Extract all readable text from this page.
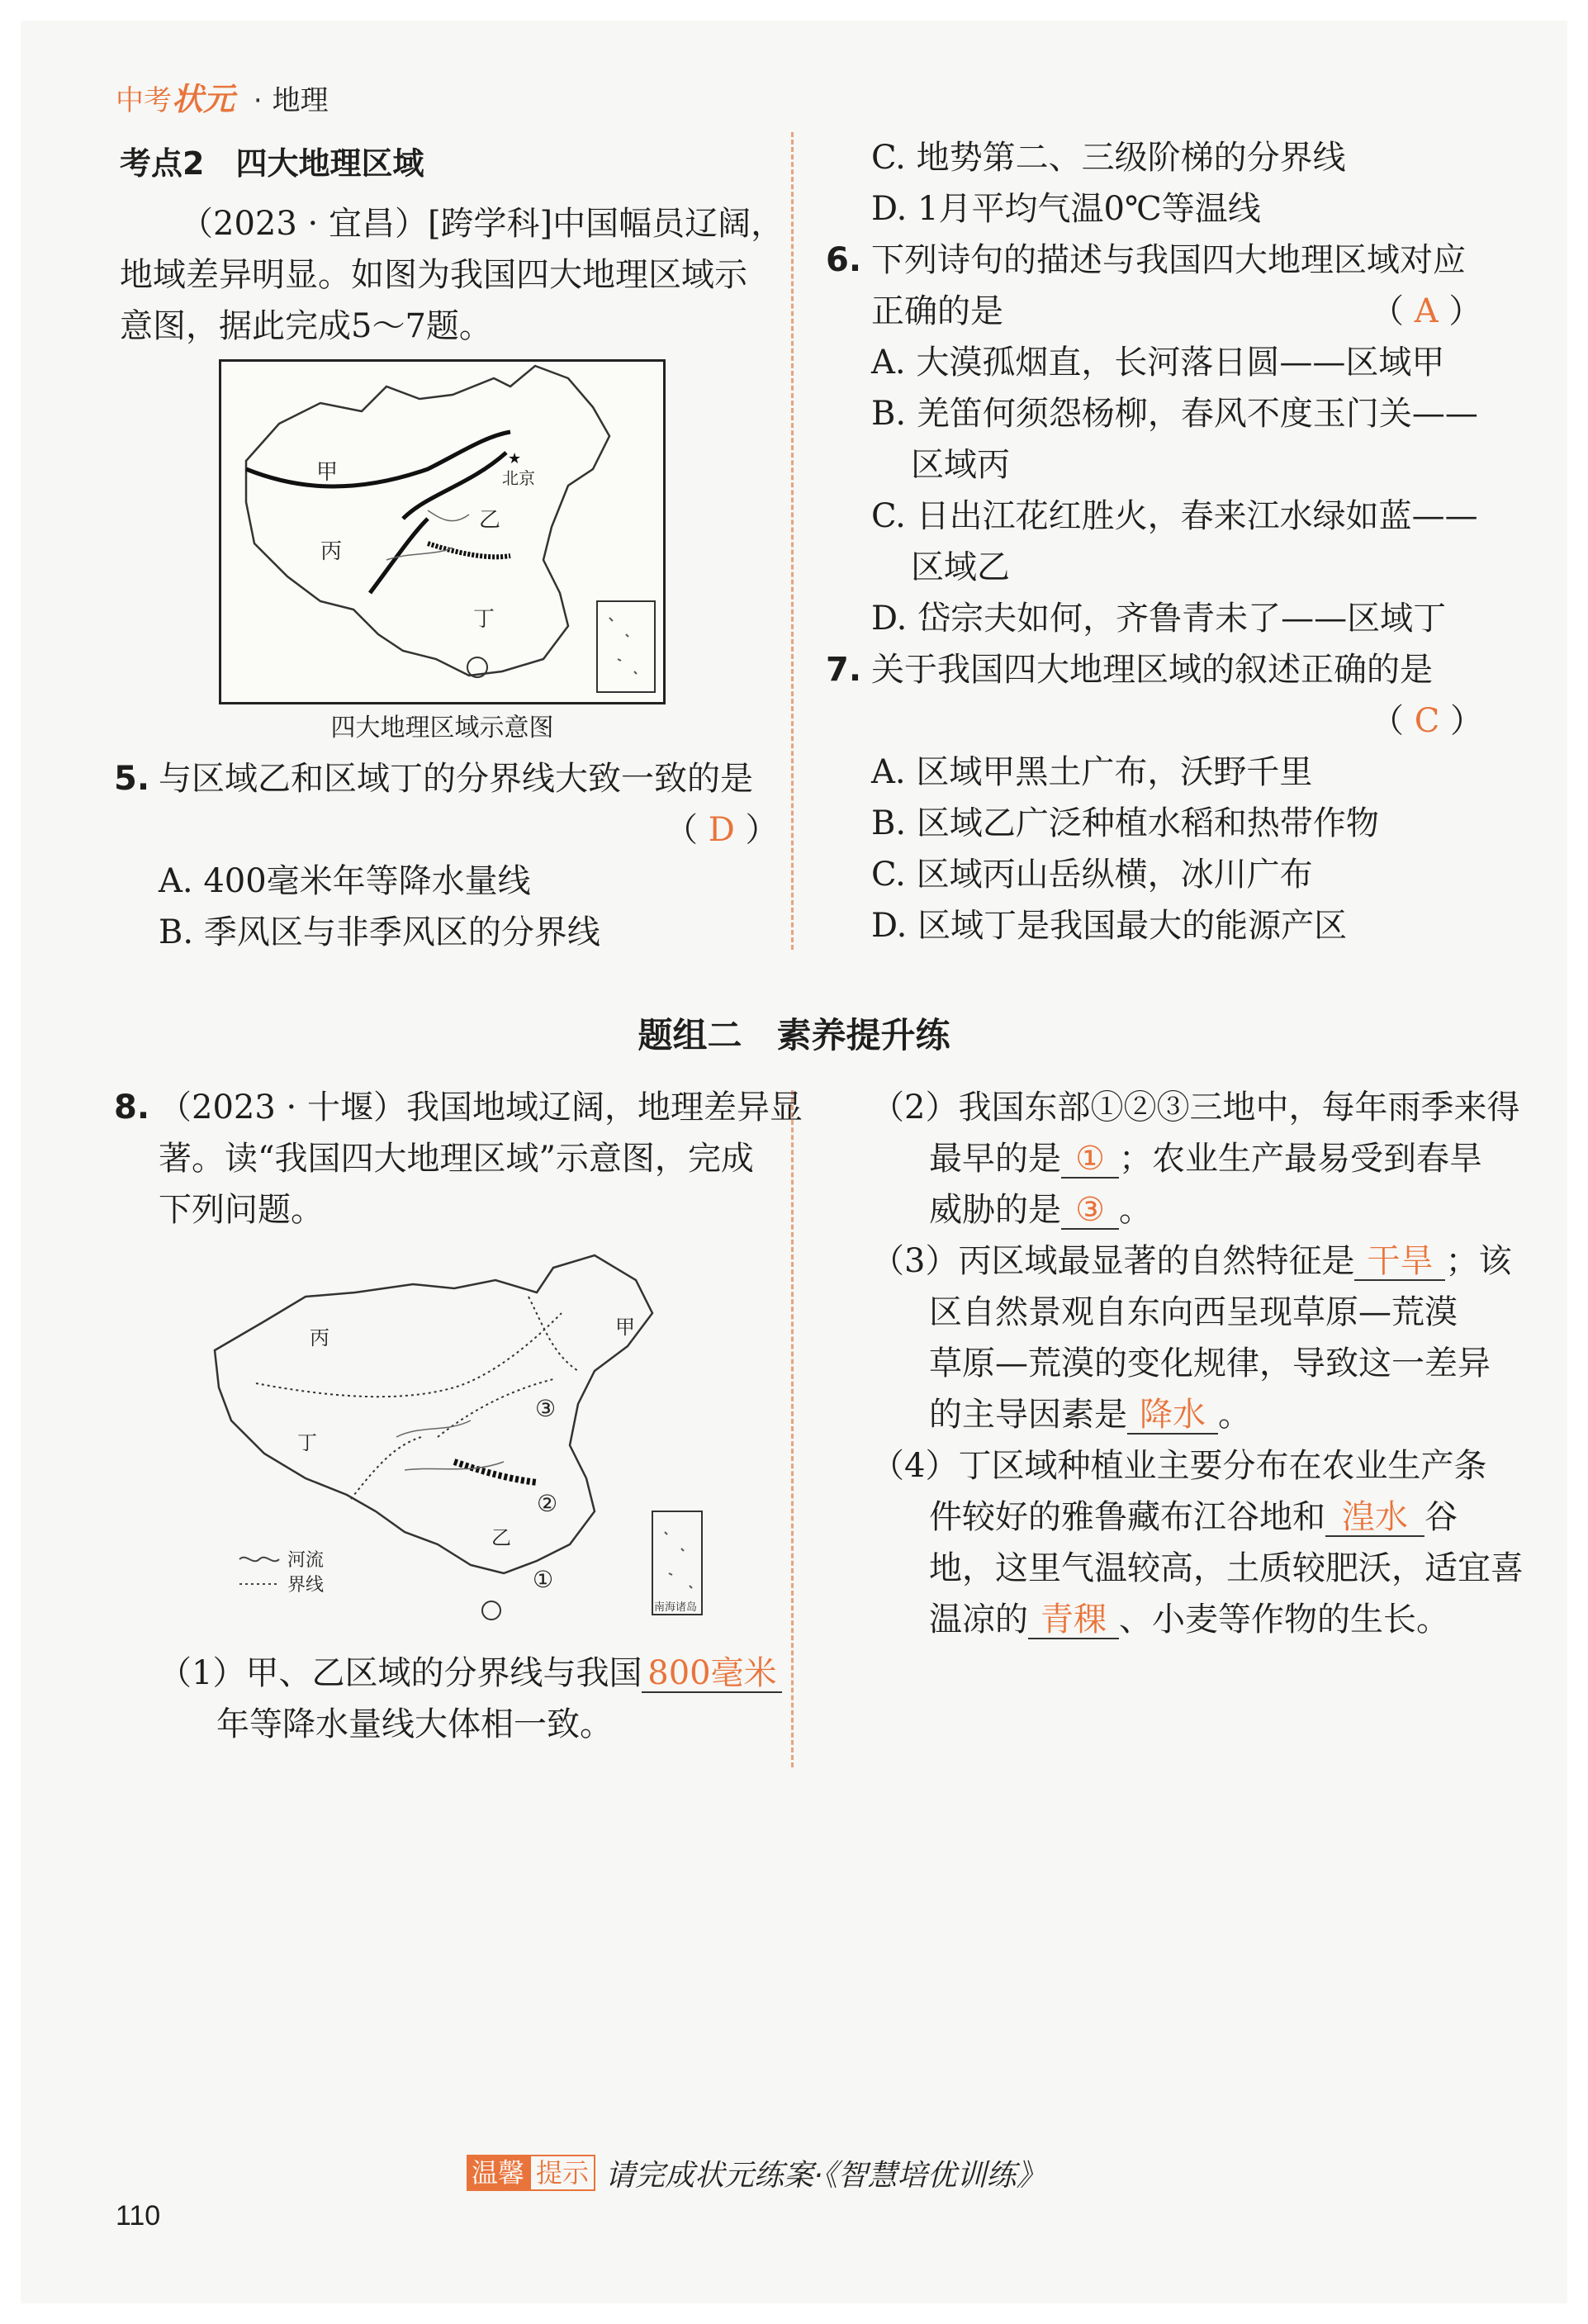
中考状元 · 地理
考点2　四大地理区域
（2023 · 宜昌）[跨学科]中国幅员辽阔，
地域差异明显。如图为我国四大地理区域示
意图，据此完成5～7题。
甲
乙
丙
丁
★
北京
四大地理区域示意图
5. 与区域乙和区域丁的分界线大致一致的是
（ D ）
A. 400毫米年等降水量线
B. 季风区与非季风区的分界线
C. 地势第二、三级阶梯的分界线
D. 1月平均气温0℃等温线
6. 下列诗句的描述与我国四大地理区域对应
正确的是	（ A ）
A. 大漠孤烟直，长河落日圆——区域甲
B. 羌笛何须怨杨柳，春风不度玉门关——
区域丙
C. 日出江花红胜火，春来江水绿如蓝——
区域乙
D. 岱宗夫如何，齐鲁青未了——区域丁
7. 关于我国四大地理区域的叙述正确的是
（ C ）
A. 区域甲黑土广布，沃野千里
B. 区域乙广泛种植水稻和热带作物
C. 区域丙山岳纵横，冰川广布
D. 区域丁是我国最大的能源产区
题组二　素养提升练
8. （2023 · 十堰）我国地域辽阔，地理差异显
著。读“我国四大地理区域”示意图，完成
下列问题。
南海诸岛
甲
乙
丙
丁
①
②
③
河流
界线
（1）甲、乙区域的分界线与我国 800毫米
年等降水量线大体相一致。
（2）我国东部①②③三地中，每年雨季来得
最早的是 ① ；农业生产最易受到春旱
威胁的是 ③ 。
（3）丙区域最显著的自然特征是 干旱 ；该
区自然景观自东向西呈现草原—荒漠
草原—荒漠的变化规律，导致这一差异
的主导因素是 降水 。
（4）丁区域种植业主要分布在农业生产条
件较好的雅鲁藏布江谷地和 湟水 谷
地，这里气温较高，土质较肥沃，适宜喜
温凉的 青稞 、小麦等作物的生长。
温馨 提示 请完成状元练案·《智慧培优训练》
110
